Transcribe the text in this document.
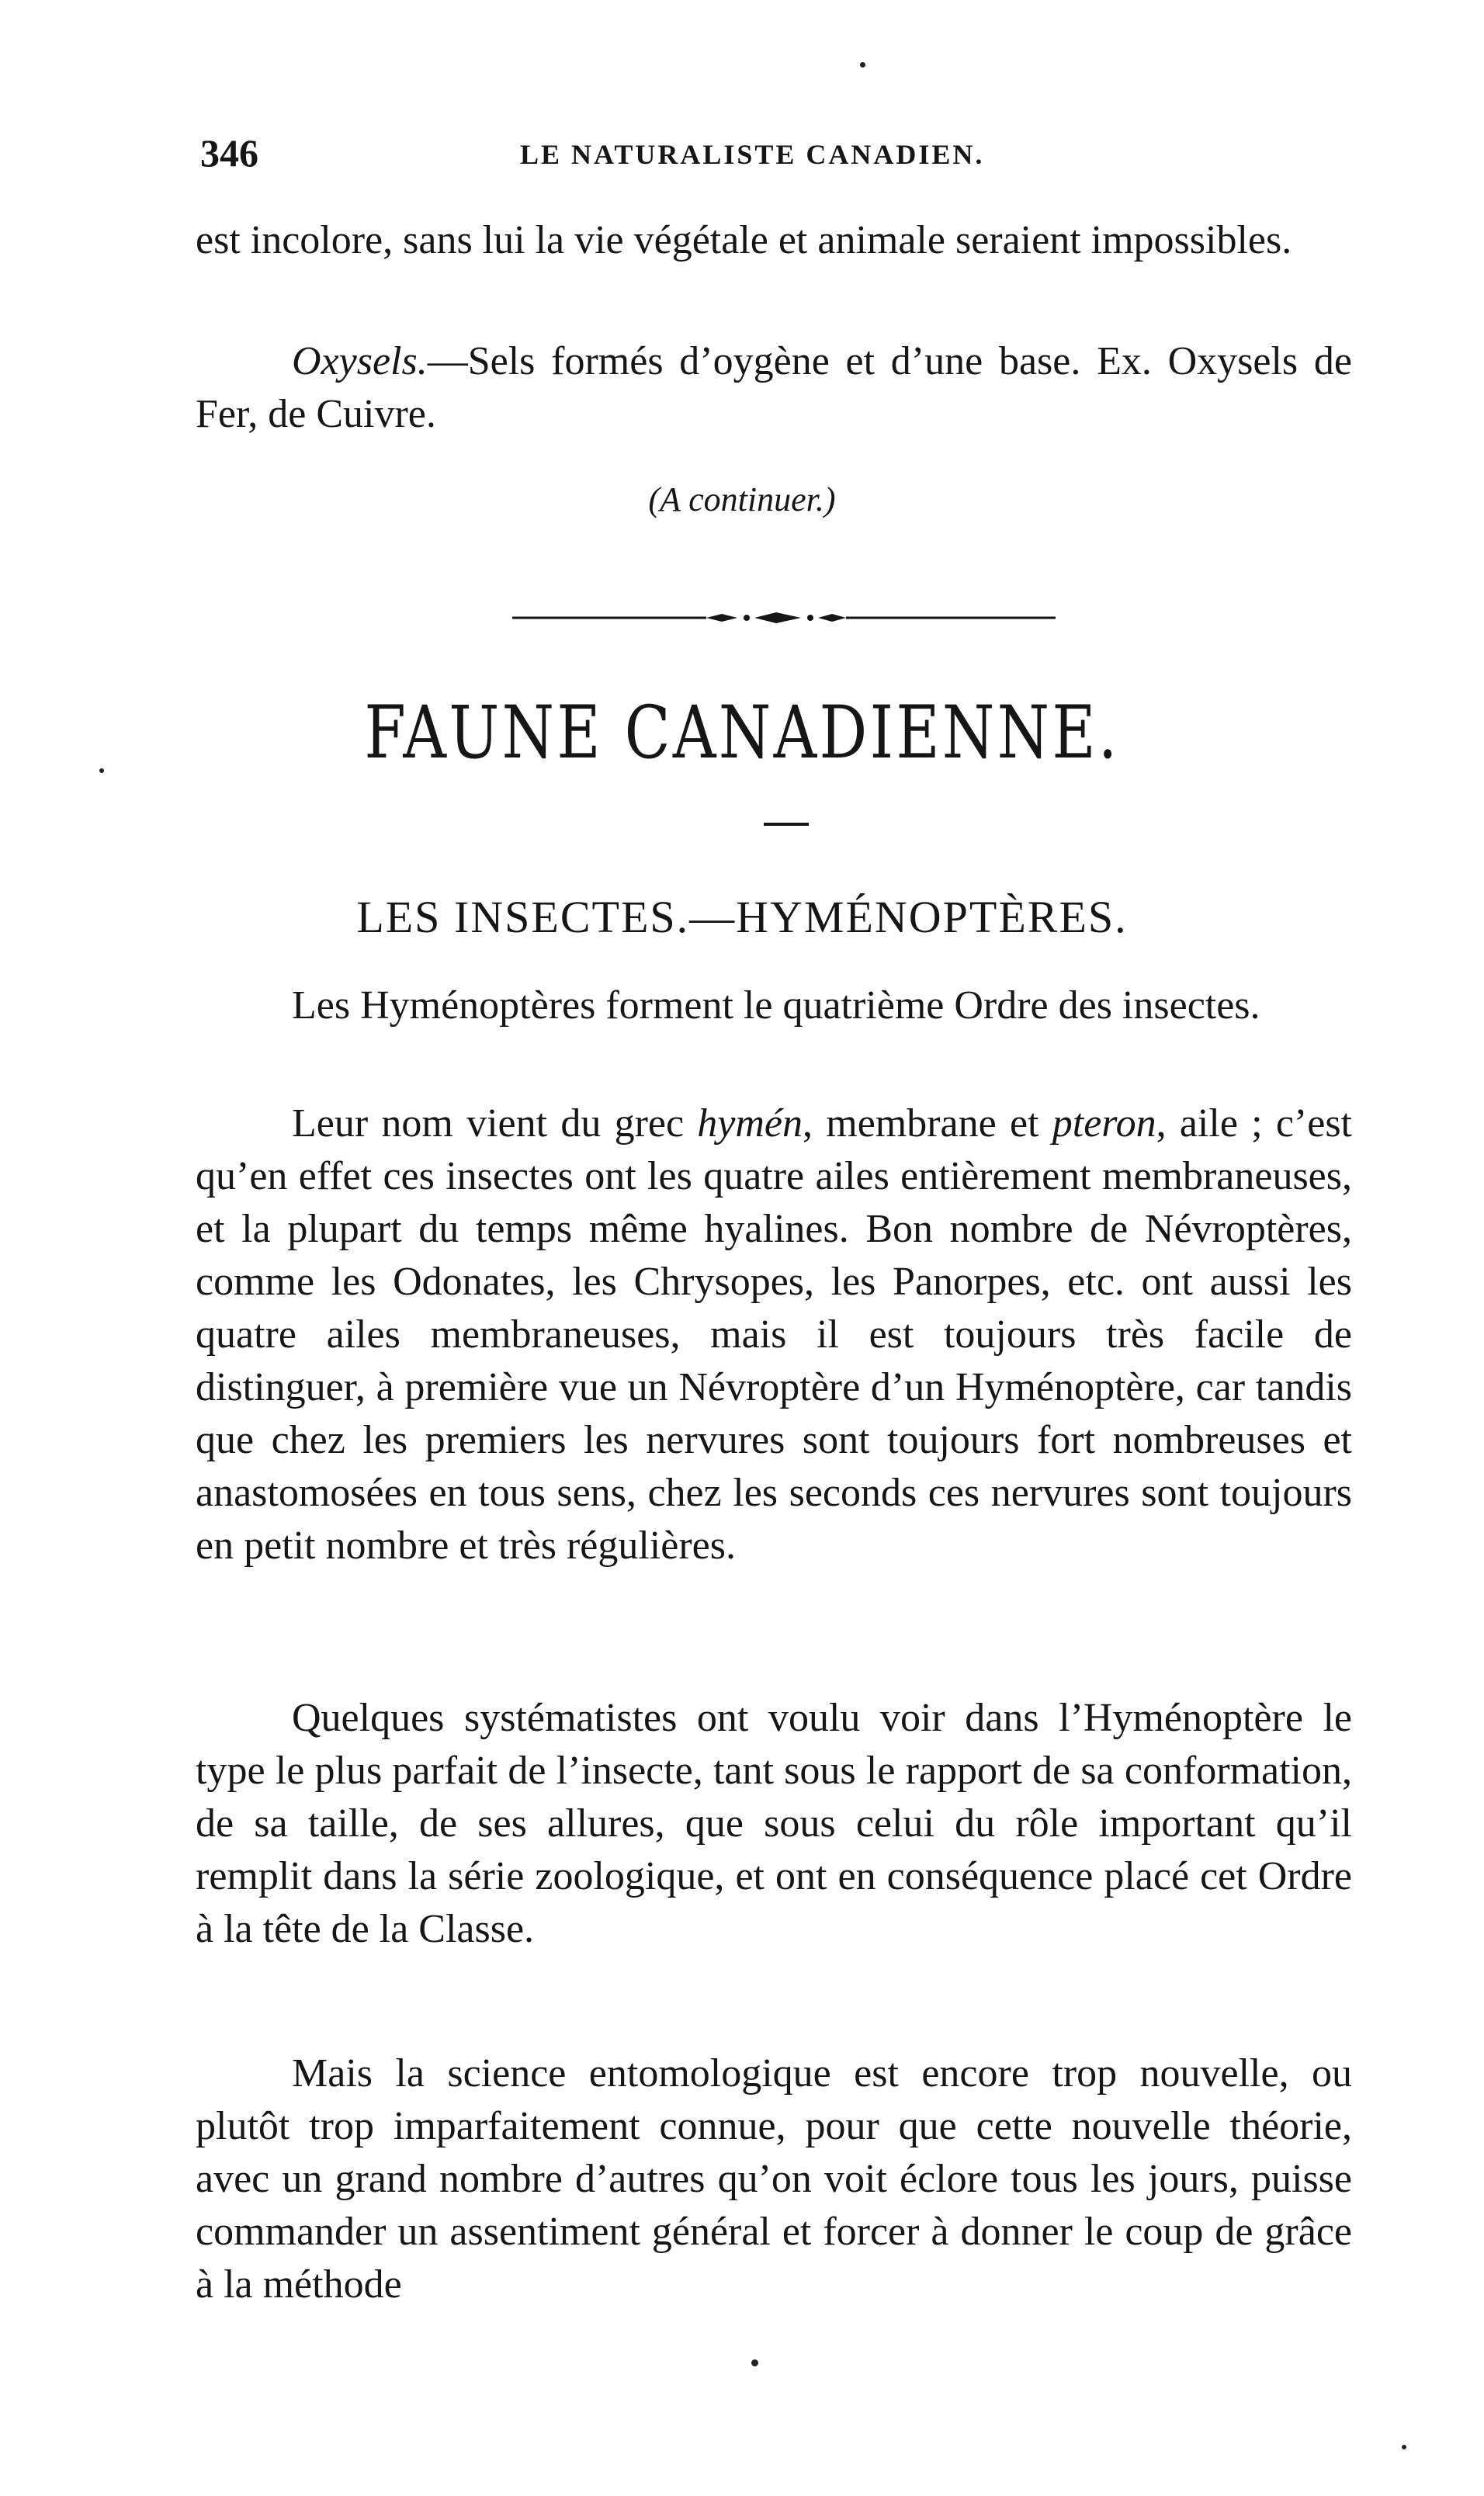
346	LE NATURALISTE CANADIEN.

est incolore, sans lui la vie végétale et animale seraient impossibles.

Oxysels.—Sels formés d’oygène et d’une base. Ex. Oxysels de Fer, de Cuivre.

(A continuer.)
FAUNE CANADIENNE.
LES INSECTES.—HYMÉNOPTÈRES.

Les Hyménoptères forment le quatrième Ordre des insectes.

Leur nom vient du grec hymén, membrane et pteron, aile ; c’est qu’en effet ces insectes ont les quatre ailes entièrement membraneuses, et la plupart du temps même hyalines. Bon nombre de Névroptères, comme les Odonates, les Chrysopes, les Panorpes, etc. ont aussi les quatre ailes membraneuses, mais il est toujours très facile de distinguer, à première vue un Névroptère d’un Hyménoptère, car tandis que chez les premiers les nervures sont toujours fort nombreuses et anastomosées en tous sens, chez les seconds ces nervures sont toujours en petit nombre et très régulières.

Quelques systématistes ont voulu voir dans l’Hyménoptère le type le plus parfait de l’insecte, tant sous le rapport de sa conformation, de sa taille, de ses allures, que sous celui du rôle important qu’il remplit dans la série zoologique, et ont en conséquence placé cet Ordre à la tête de la Classe.

Mais la science entomologique est encore trop nouvelle, ou plutôt trop imparfaitement connue, pour que cette nouvelle théorie, avec un grand nombre d’autres qu’on voit éclore tous les jours, puisse commander un assentiment général et forcer à donner le coup de grâce à la méthode
